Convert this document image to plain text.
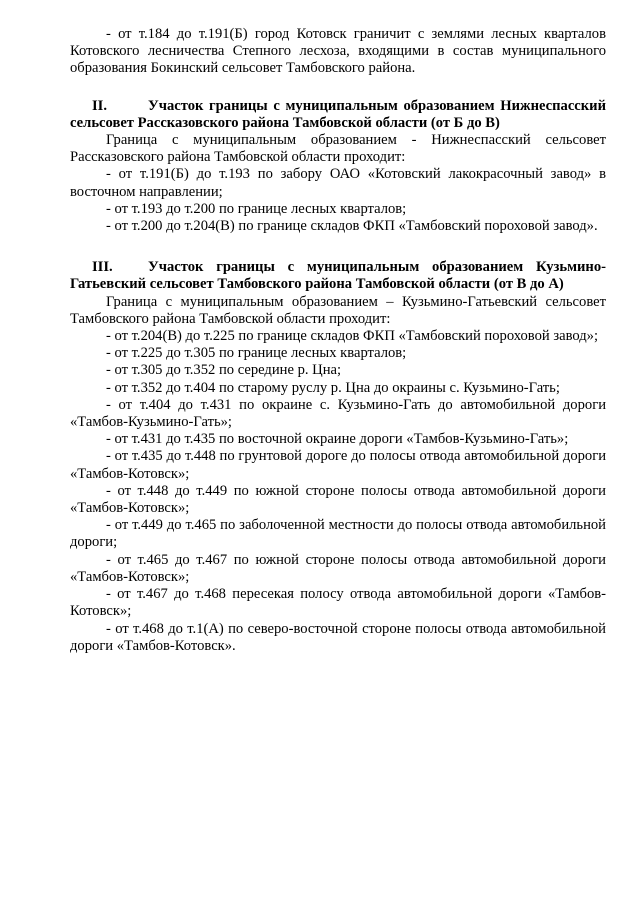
- от т.184 до т.191(Б) город Котовск граничит с землями лесных кварталов Котовского лесничества Степного лесхоза, входящими в состав муниципального образования Бокинский сельсовет Тамбовского района.

II.	Участок границы с муниципальным образованием Нижнеспасский сельсовет Рассказовского района Тамбовской области (от Б до В)

Граница с муниципальным образованием - Нижнеспасский сельсовет Рассказовского района Тамбовской области проходит:

- от т.191(Б) до т.193 по забору ОАО «Котовский лакокрасочный завод» в восточном направлении;

- от т.193 до т.200 по границе лесных кварталов;

- от т.200 до т.204(В) по границе складов ФКП «Тамбовский пороховой завод».

III. Участок границы с муниципальным образованием Кузьмино-Гатьевский сельсовет Тамбовского района Тамбовской области (от В до А)

Граница с муниципальным образованием – Кузьмино-Гатьевский сельсовет Тамбовского района Тамбовской области проходит:

- от т.204(В) до т.225 по границе складов ФКП «Тамбовский пороховой завод»;

- от т.225 до т.305 по границе лесных кварталов;

- от т.305 до т.352 по середине р. Цна;

- от т.352 до т.404 по старому руслу р. Цна до окраины с. Кузьмино-Гать;

- от т.404 до т.431 по окраине с. Кузьмино-Гать до автомобильной дороги «Тамбов-Кузьмино-Гать»;

- от т.431 до т.435 по восточной окраине дороги «Тамбов-Кузьмино-Гать»;

- от т.435 до т.448 по грунтовой дороге до полосы отвода автомобильной дороги «Тамбов-Котовск»;

- от т.448 до т.449 по южной стороне полосы отвода автомобильной дороги «Тамбов-Котовск»;

- от т.449 до т.465 по заболоченной местности до полосы отвода автомобильной дороги;

- от т.465 до т.467 по южной стороне полосы отвода автомобильной дороги «Тамбов-Котовск»;

- от т.467 до т.468 пересекая полосу отвода автомобильной дороги «Тамбов-Котовск»;

- от т.468 до т.1(А) по северо-восточной стороне полосы отвода автомобильной дороги «Тамбов-Котовск».
